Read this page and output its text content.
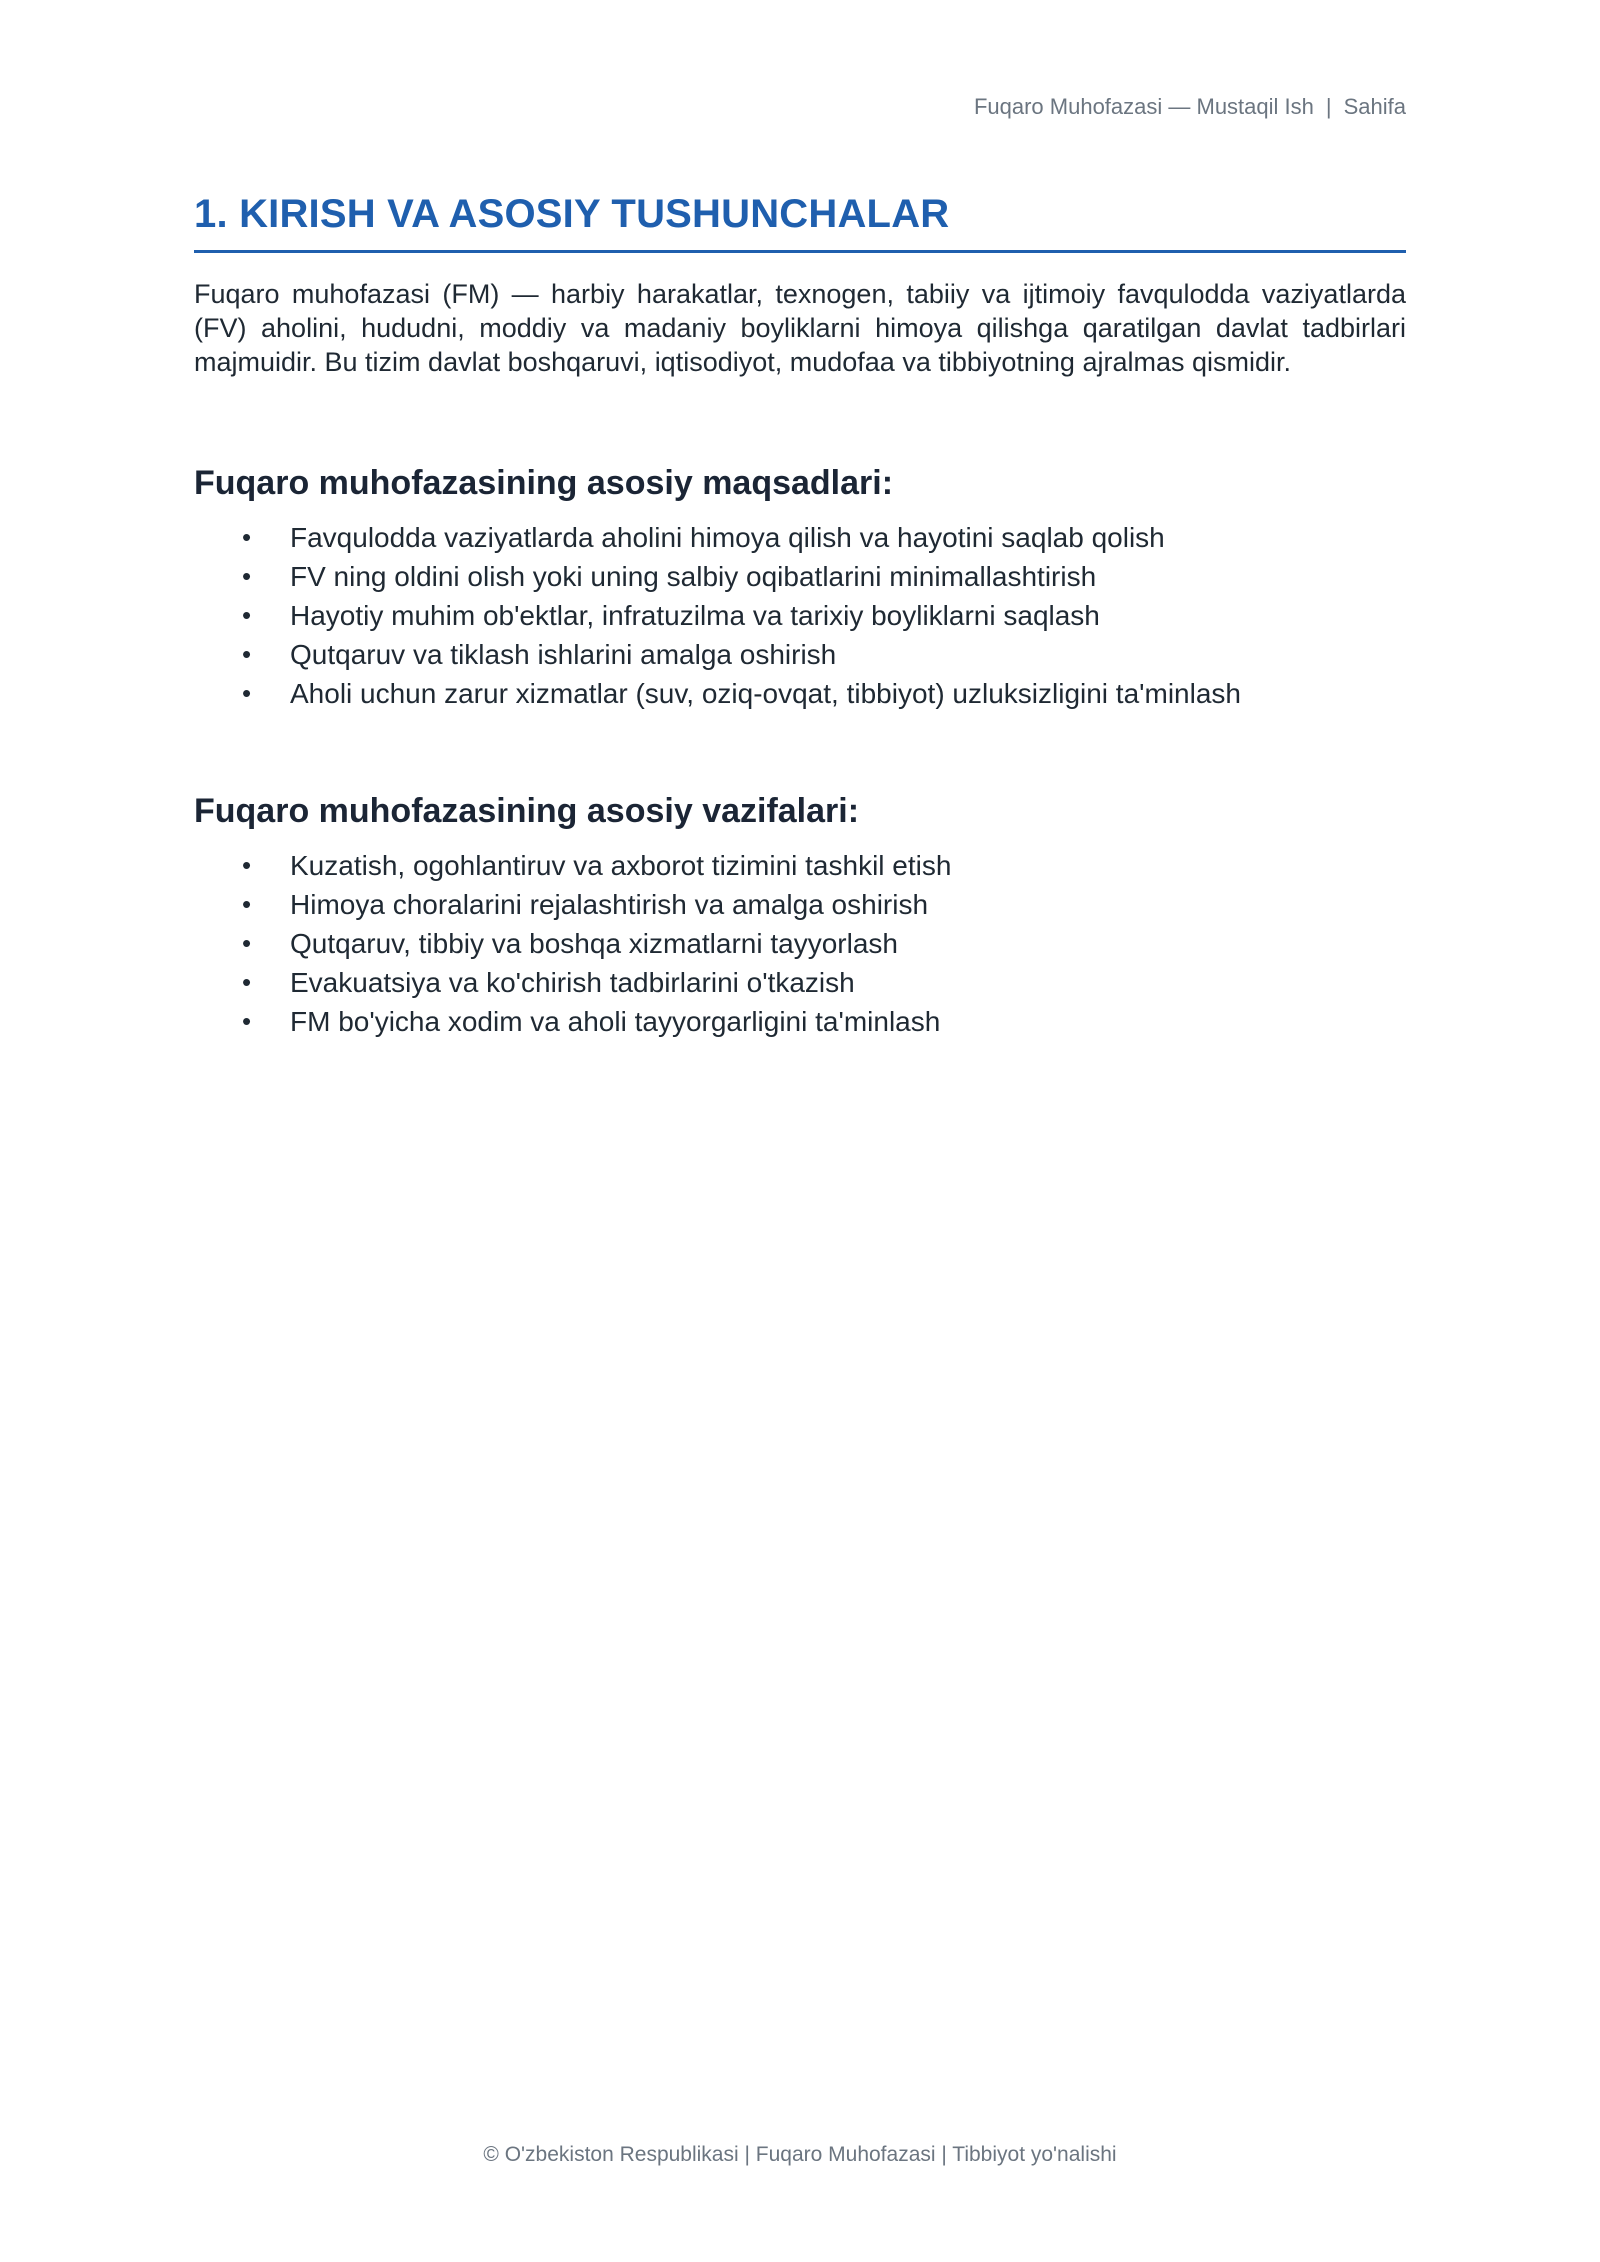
Fuqaro Muhofazasi — Mustaqil Ish | Sahifa
1. KIRISH VA ASOSIY TUSHUNCHALAR

Fuqaro muhofazasi (FM) — harbiy harakatlar, texnogen, tabiiy va ijtimoiy favqulodda vaziyatlarda (FV) aholini, hududni, moddiy va madaniy boyliklarni himoya qilishga qaratilgan davlat tadbirlari majmuidir. Bu tizim davlat boshqaruvi, iqtisodiyot, mudofaa va tibbiyotning ajralmas qismidir.

Fuqaro muhofazasining asosiy maqsadlari:
• Favqulodda vaziyatlarda aholini himoya qilish va hayotini saqlab qolish
• FV ning oldini olish yoki uning salbiy oqibatlarini minimallashtirish
• Hayotiy muhim ob'ektlar, infratuzilma va tarixiy boyliklarni saqlash
• Qutqaruv va tiklash ishlarini amalga oshirish
• Aholi uchun zarur xizmatlar (suv, oziq-ovqat, tibbiyot) uzluksizligini ta'minlash
Fuqaro muhofazasining asosiy vazifalari:
• Kuzatish, ogohlantiruv va axborot tizimini tashkil etish
• Himoya choralarini rejalashtirish va amalga oshirish
• Qutqaruv, tibbiy va boshqa xizmatlarni tayyorlash
• Evakuatsiya va ko'chirish tadbirlarini o'tkazish
• FM bo'yicha xodim va aholi tayyorgarligini ta'minlash
© O'zbekiston Respublikasi | Fuqaro Muhofazasi | Tibbiyot yo'nalishi
